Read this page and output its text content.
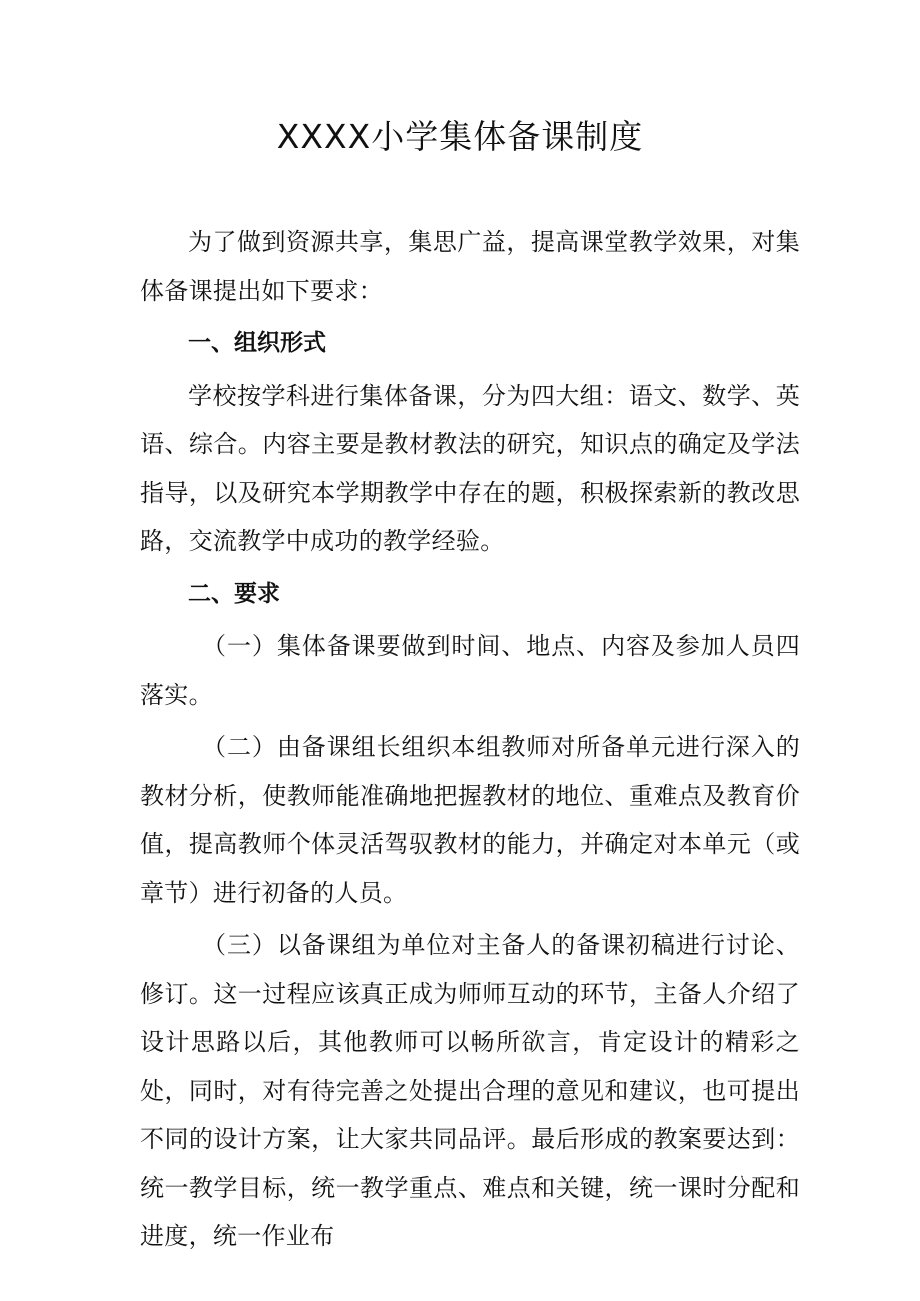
XXXX小学集体备课制度

为了做到资源共享，集思广益，提高课堂教学效果，对集体备课提出如下要求：

一、组织形式

学校按学科进行集体备课，分为四大组：语文、数学、英语、综合。内容主要是教材教法的研究，知识点的确定及学法指导，以及研究本学期教学中存在的题，积极探索新的教改思路，交流教学中成功的教学经验。

二、要求

（一）集体备课要做到时间、地点、内容及参加人员四落实。

（二）由备课组长组织本组教师对所备单元进行深入的教材分析，使教师能准确地把握教材的地位、重难点及教育价值，提高教师个体灵活驾驭教材的能力，并确定对本单元（或章节）进行初备的人员。

（三）以备课组为单位对主备人的备课初稿进行讨论、修订。这一过程应该真正成为师师互动的环节，主备人介绍了设计思路以后，其他教师可以畅所欲言，肯定设计的精彩之处，同时，对有待完善之处提出合理的意见和建议，也可提出不同的设计方案，让大家共同品评。最后形成的教案要达到：统一教学目标，统一教学重点、难点和关键，统一课时分配和进度，统一作业布
